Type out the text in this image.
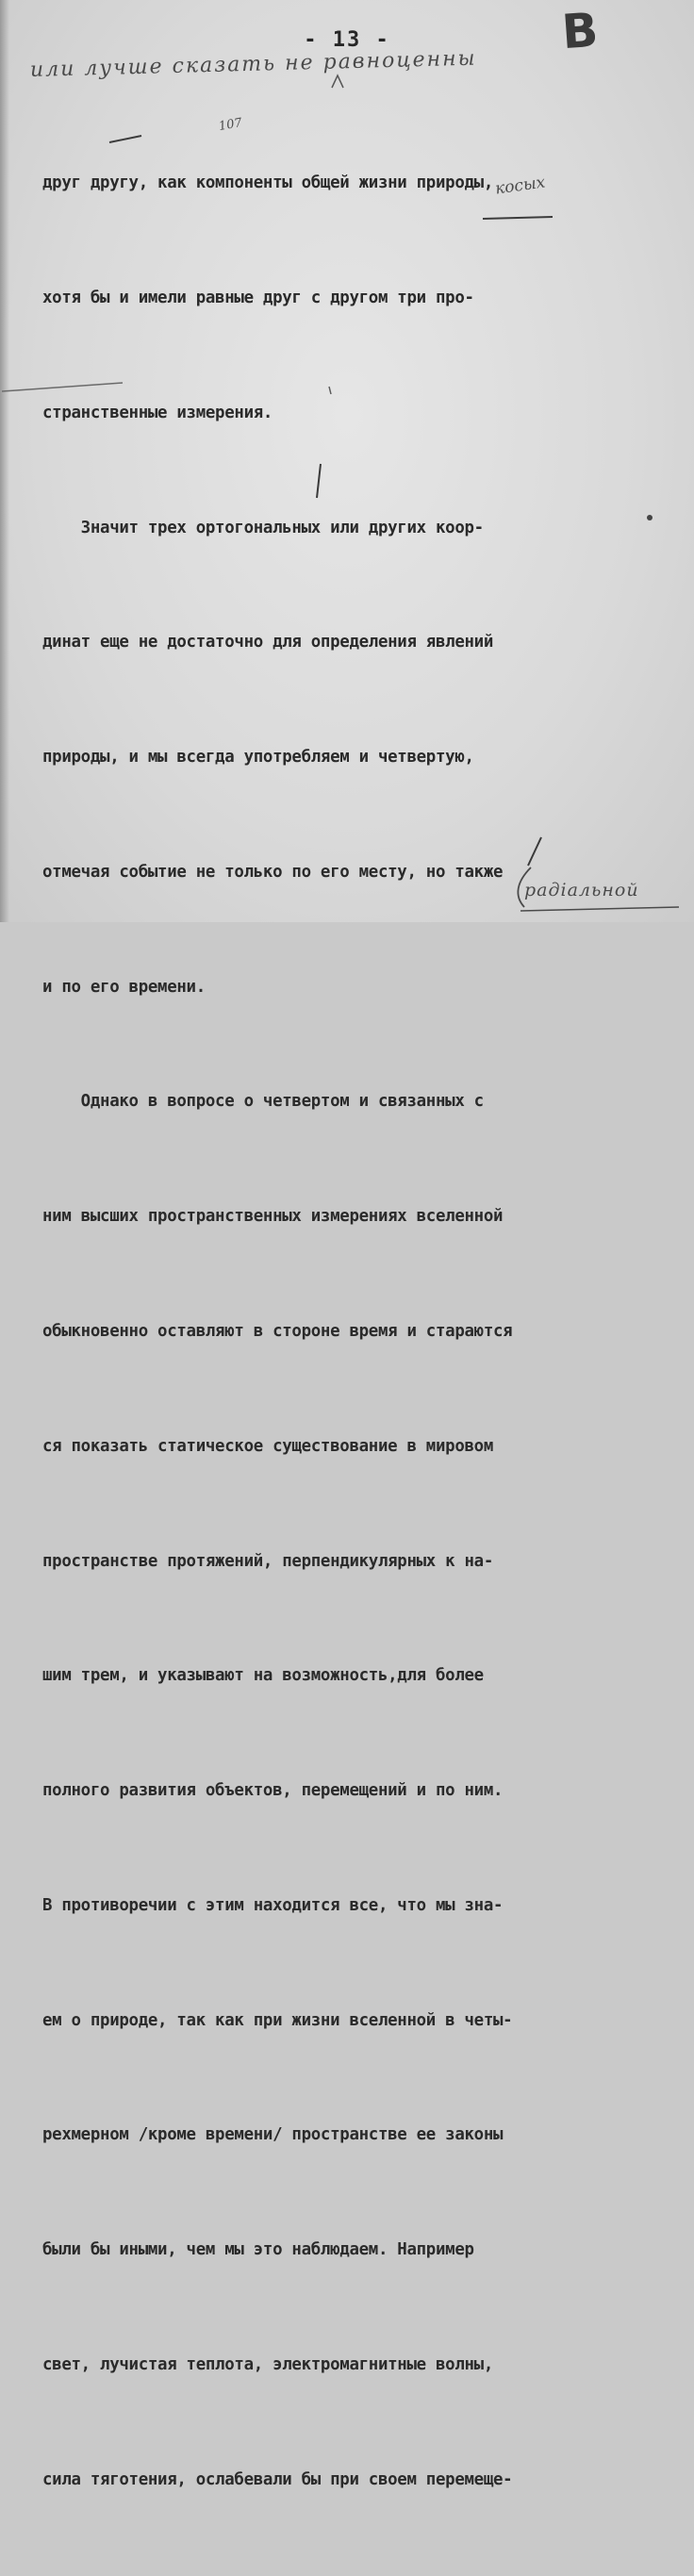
B
- 13 -
или лучше сказать не равноценны
107
косых

друг другу, как компоненты общей жизни природы,

хотя бы и имели равные друг с другом три про-

странственные измерения.

Значит трех ортогональных или других коор-

динат еще не достаточно для определения явлений

природы, и мы всегда употребляем и четвертую,

отмечая событие не только по его месту, но также

и по его времени.

Однако в вопросе о четвертом и связанных с

ним высших пространственных измерениях вселенной

обыкновенно оставляют в стороне время и стараются

ся показать статическое существование в мировом

пространстве протяжений, перпендикулярных к на-

шим трем, и указывают на возможность,для более

полного развития объектов, перемещений и по ним.

В противоречии с этим находится все, что мы зна-

ем о природе, так как при жизни вселенной в четы-

рехмерном /кроме времени/ пространстве ее законы

были бы иными, чем мы это наблюдаем. Например

свет, лучистая теплота, электромагнитные волны,

сила тяготения, ослабевали бы при своем перемеще-

радiальной
